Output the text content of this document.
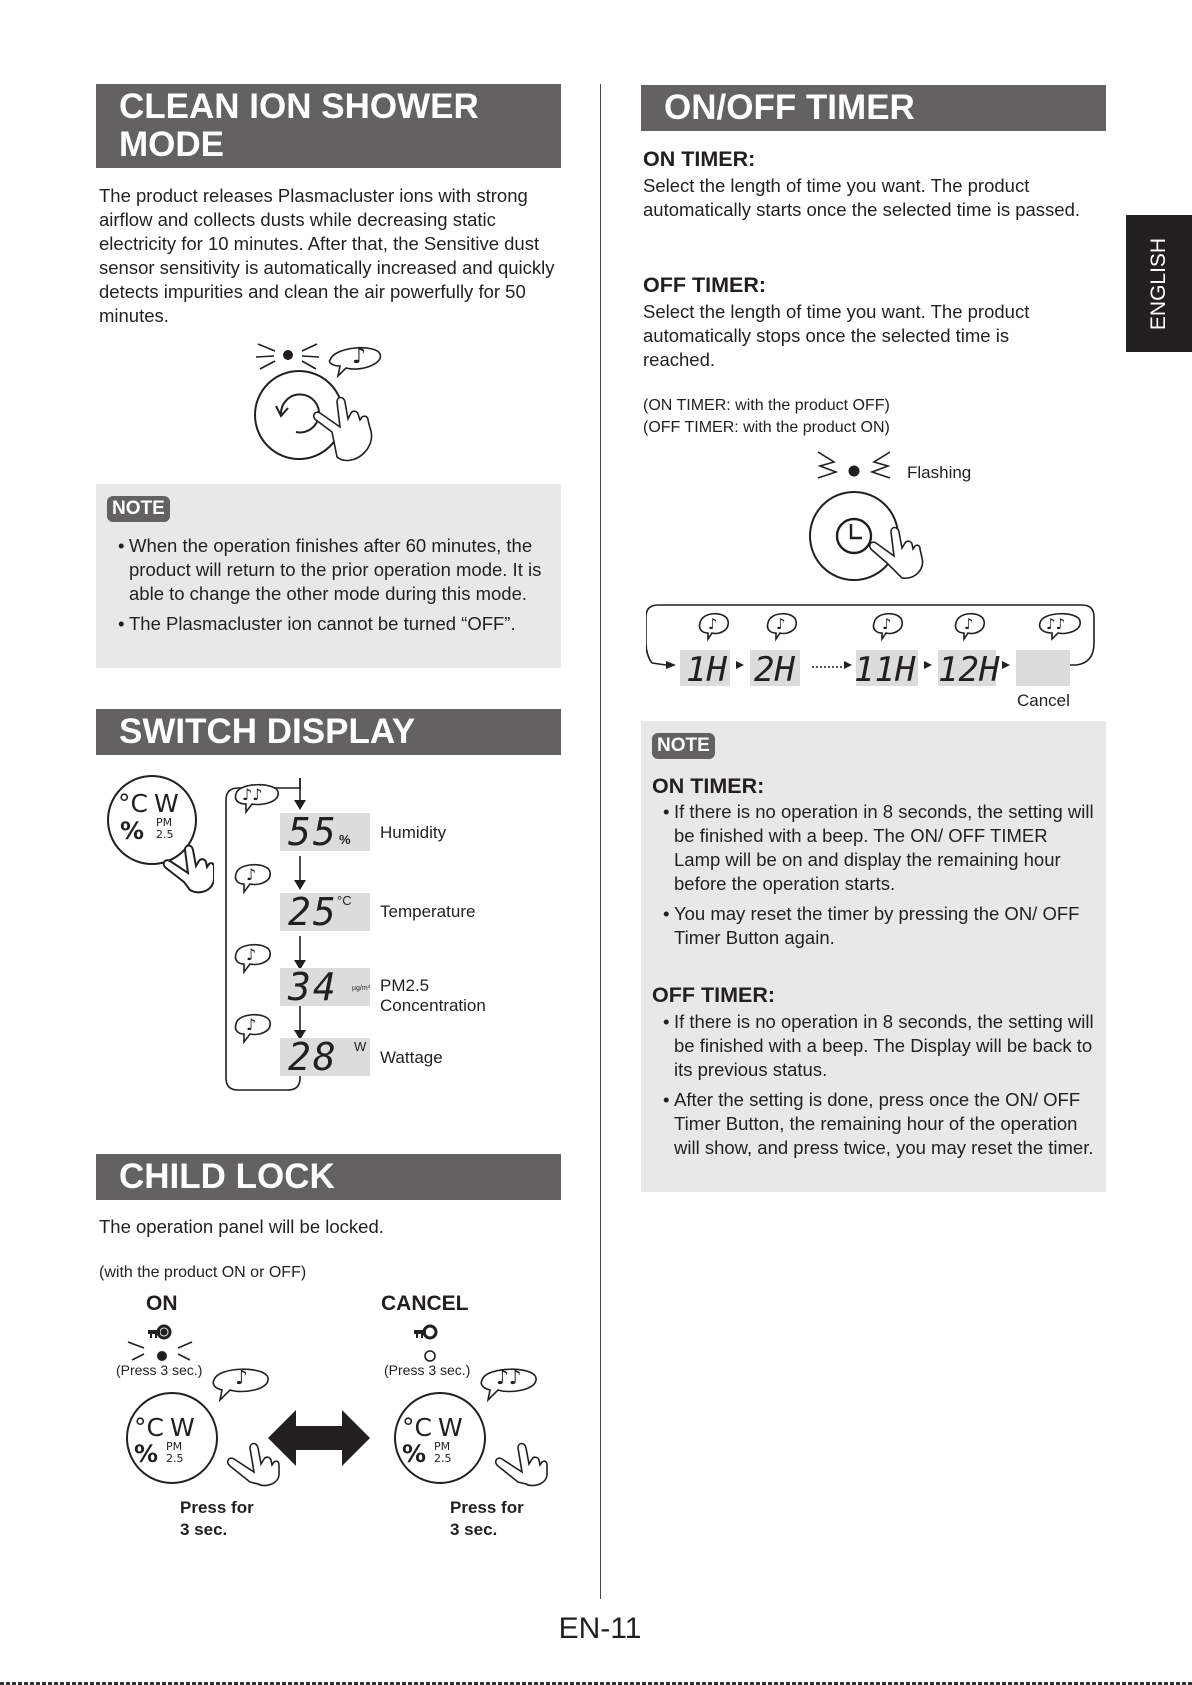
ENGLISH
CLEAN ION SHOWER
MODE
The product releases Plasmacluster ions with strong airflow and collects dusts while decreasing static electricity for 10 minutes. After that, the Sensitive dust sensor sensitivity is automatically increased and quickly detects impurities and clean the air powerfully for 50 minutes.
♪
NOTE
• When the operation finishes after 60 minutes, the product will return to the prior operation mode. It is able to change the other mode during this mode.
• The Plasmacluster ion cannot be turned “OFF”.
SWITCH DISPLAY
°C W
% PM
2.5
♪♪
♪
♪
♪
55 % Humidity
25 °C
Temperature
34 µg/m³ PM2.5 Concentration
28 W
Wattage
CHILD LOCK
The operation panel will be locked.
(with the product ON or OFF)
ON	CANCEL
♪
°C W
% PM
2.5
(Press 3 sec.)	♪♪
°C W
% PM
2.5
(Press 3 sec.)
Press for
3 sec.
Press for
3 sec.
ON/OFF TIMER
ON TIMER:
Select the length of time you want. The product automatically starts once the selected time is passed.
OFF TIMER:
Select the length of time you want. The product automatically stops once the selected time is reached.
(ON TIMER: with the product OFF)
(OFF TIMER: with the product ON)
Flashing
♪	♪	♪	♪	♪♪
1H 2H 11H 12H
Cancel
NOTE
ON TIMER:
• If there is no operation in 8 seconds, the setting will be finished with a beep. The ON/ OFF TIMER Lamp will be on and display the remaining hour before the operation starts.
• You may reset the timer by pressing the ON/ OFF Timer Button again.
OFF TIMER:
• If there is no operation in 8 seconds, the setting will be finished with a beep. The Display will be back to its previous status.
• After the setting is done, press once the ON/ OFF Timer Button, the remaining hour of the operation will show, and press twice, you may reset the timer.
EN-11
